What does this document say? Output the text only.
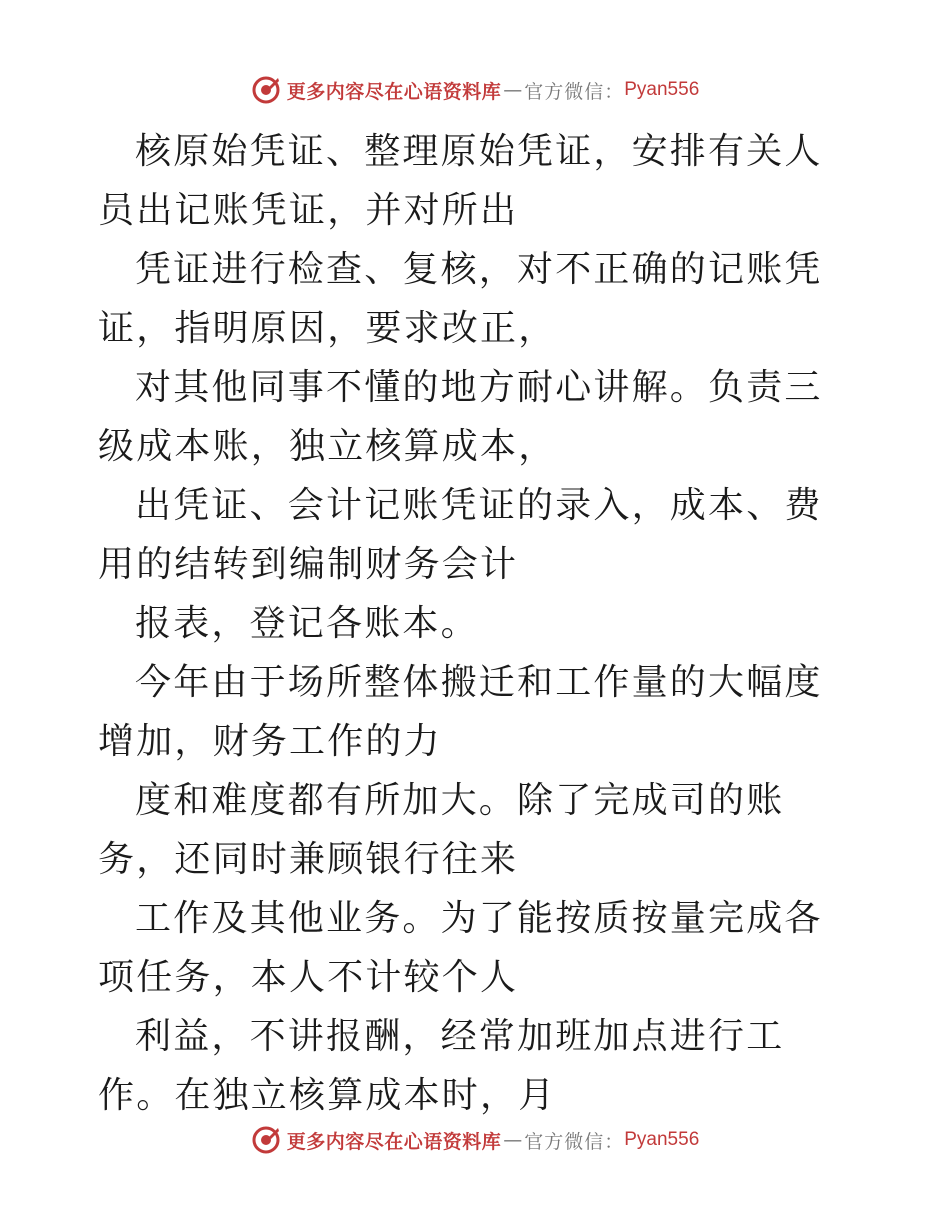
更多内容尽在心语资料库 — 官方微信： Pyan556

核原始凭证、整理原始凭证，安排有关人员出记账凭证，并对所出

凭证进行检查、复核，对不正确的记账凭证，指明原因，要求改正，

对其他同事不懂的地方耐心讲解。负责三级成本账，独立核算成本，

出凭证、会计记账凭证的录入，成本、费用的结转到编制财务会计

报表，登记各账本。

今年由于场所整体搬迁和工作量的大幅度增加，财务工作的力

度和难度都有所加大。除了完成司的账务，还同时兼顾银行往来

工作及其他业务。为了能按质按量完成各项任务，本人不计较个人

利益，不讲报酬，经常加班加点进行工作。在独立核算成本时，月

更多内容尽在心语资料库 — 官方微信： Pyan556
